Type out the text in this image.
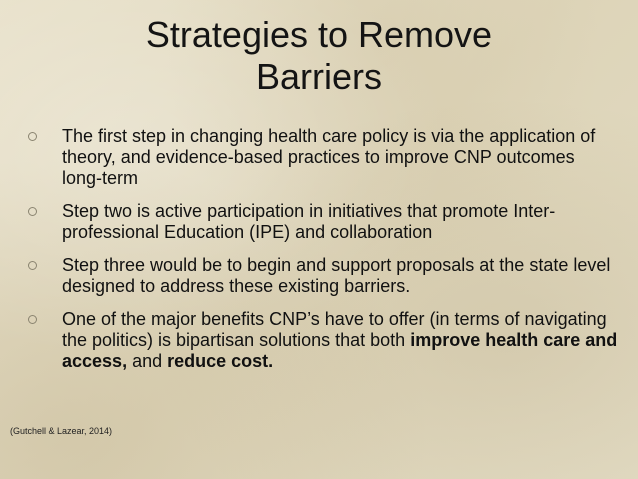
Strategies to Remove
Barriers
The first step in changing health care policy is via the application of theory, and evidence-based practices to improve CNP outcomes long-term
Step two is active participation in initiatives that promote Inter-professional Education (IPE) and collaboration
Step three would be to begin and support proposals at the state level designed to address these existing barriers.
One of the major benefits CNP’s have to offer (in terms of navigating the politics) is bipartisan solutions that both improve health care and access, and reduce cost.
(Gutchell & Lazear, 2014)
